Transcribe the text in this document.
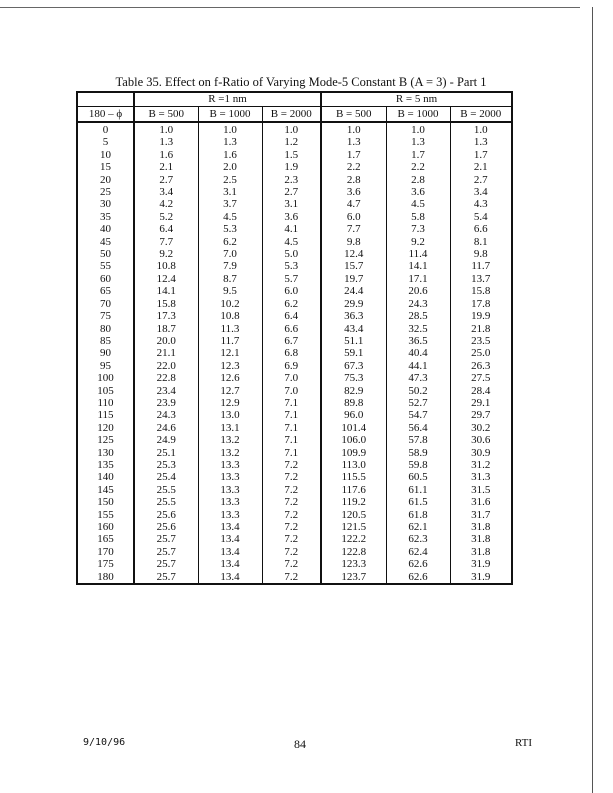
Table 35. Effect on f-Ratio of Varying Mode-5 Constant B (A = 3) - Part 1
	R =1 nm			R = 5 nm		
180 – ϕ	B = 500	B = 1000	B = 2000	B = 500	B = 1000	B = 2000
0	1.0	1.0	1.0	1.0	1.0	1.0
5	1.3	1.3	1.2	1.3	1.3	1.3
10	1.6	1.6	1.5	1.7	1.7	1.7
15	2.1	2.0	1.9	2.2	2.2	2.1
20	2.7	2.5	2.3	2.8	2.8	2.7
25	3.4	3.1	2.7	3.6	3.6	3.4
30	4.2	3.7	3.1	4.7	4.5	4.3
35	5.2	4.5	3.6	6.0	5.8	5.4
40	6.4	5.3	4.1	7.7	7.3	6.6
45	7.7	6.2	4.5	9.8	9.2	8.1
50	9.2	7.0	5.0	12.4	11.4	9.8
55	10.8	7.9	5.3	15.7	14.1	11.7
60	12.4	8.7	5.7	19.7	17.1	13.7
65	14.1	9.5	6.0	24.4	20.6	15.8
70	15.8	10.2	6.2	29.9	24.3	17.8
75	17.3	10.8	6.4	36.3	28.5	19.9
80	18.7	11.3	6.6	43.4	32.5	21.8
85	20.0	11.7	6.7	51.1	36.5	23.5
90	21.1	12.1	6.8	59.1	40.4	25.0
95	22.0	12.3	6.9	67.3	44.1	26.3
100	22.8	12.6	7.0	75.3	47.3	27.5
105	23.4	12.7	7.0	82.9	50.2	28.4
110	23.9	12.9	7.1	89.8	52.7	29.1
115	24.3	13.0	7.1	96.0	54.7	29.7
120	24.6	13.1	7.1	101.4	56.4	30.2
125	24.9	13.2	7.1	106.0	57.8	30.6
130	25.1	13.2	7.1	109.9	58.9	30.9
135	25.3	13.3	7.2	113.0	59.8	31.2
140	25.4	13.3	7.2	115.5	60.5	31.3
145	25.5	13.3	7.2	117.6	61.1	31.5
150	25.5	13.3	7.2	119.2	61.5	31.6
155	25.6	13.3	7.2	120.5	61.8	31.7
160	25.6	13.4	7.2	121.5	62.1	31.8
165	25.7	13.4	7.2	122.2	62.3	31.8
170	25.7	13.4	7.2	122.8	62.4	31.8
175	25.7	13.4	7.2	123.3	62.6	31.9
180	25.7	13.4	7.2	123.7	62.6	31.9
9/10/96	84	RTI
